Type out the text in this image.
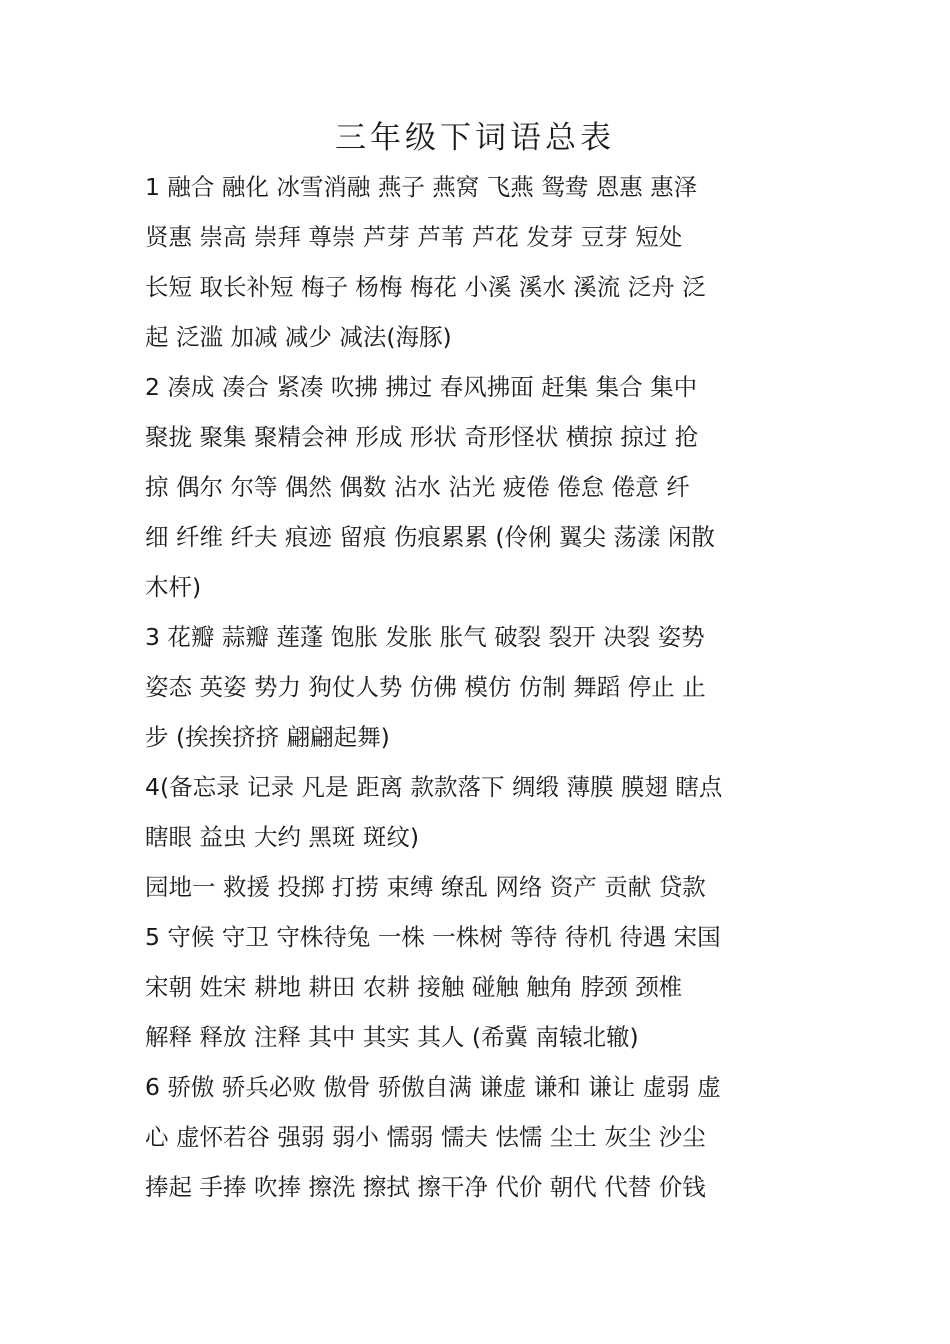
三年级下词语总表
1 融合 融化 冰雪消融 燕子 燕窝 飞燕 鸳鸯 恩惠 惠泽
贤惠 崇高 崇拜 尊崇 芦芽 芦苇 芦花 发芽 豆芽 短处
长短 取长补短 梅子 杨梅 梅花 小溪 溪水 溪流 泛舟 泛
起 泛滥 加减 减少 减法(海豚)
2 凑成 凑合 紧凑 吹拂 拂过 春风拂面 赶集 集合 集中
聚拢 聚集 聚精会神 形成 形状 奇形怪状 横掠 掠过 抢
掠 偶尔 尔等 偶然 偶数 沾水 沾光 疲倦 倦怠 倦意 纤
细 纤维 纤夫 痕迹 留痕 伤痕累累 (伶俐 翼尖 荡漾 闲散
木杆)
3 花瓣 蒜瓣 莲蓬 饱胀 发胀 胀气 破裂 裂开 决裂 姿势
姿态 英姿 势力 狗仗人势 仿佛 模仿 仿制 舞蹈 停止 止
步 (挨挨挤挤 翩翩起舞)
4(备忘录 记录 凡是 距离 款款落下 绸缎 薄膜 膜翅 瞎点
瞎眼 益虫 大约 黑斑 斑纹)
园地一 救援 投掷 打捞 束缚 缭乱 网络 资产 贡献 贷款
5 守候 守卫 守株待兔 一株 一株树 等待 待机 待遇 宋国
宋朝 姓宋 耕地 耕田 农耕 接触 碰触 触角 脖颈 颈椎
解释 释放 注释 其中 其实 其人 (希冀 南辕北辙)
6 骄傲 骄兵必败 傲骨 骄傲自满 谦虚 谦和 谦让 虚弱 虚
心 虚怀若谷 强弱 弱小 懦弱 懦夫 怯懦 尘土 灰尘 沙尘
捧起 手捧 吹捧 擦洗 擦拭 擦干净 代价 朝代 代替 价钱
